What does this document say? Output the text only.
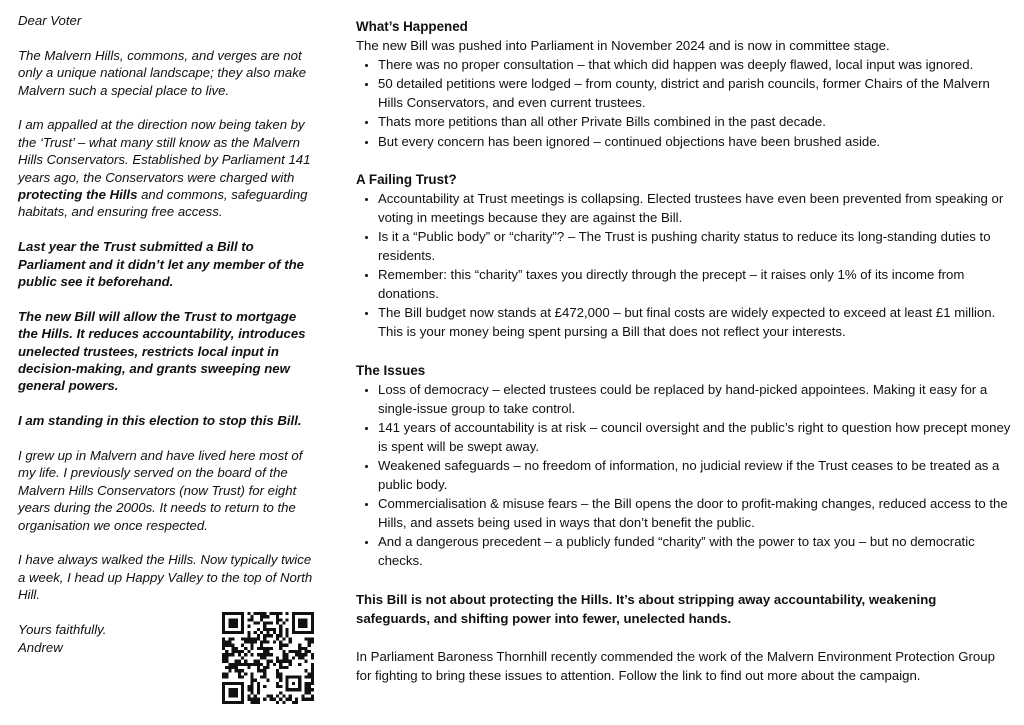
Dear Voter

The Malvern Hills, commons, and verges are not only a unique national landscape; they also make Malvern such a special place to live.

I am appalled at the direction now being taken by the ‘Trust’ – what many still know as the Malvern Hills Conservators. Established by Parliament 141 years ago, the Conservators were charged with protecting the Hills and commons, safeguarding habitats, and ensuring free access.

Last year the Trust submitted a Bill to Parliament and it didn’t let any member of the public see it beforehand.

The new Bill will allow the Trust to mortgage the Hills. It reduces accountability, introduces unelected trustees, restricts local input in decision-making, and grants sweeping new general powers.

I am standing in this election to stop this Bill.

I grew up in Malvern and have lived here most of my life. I previously served on the board of the Malvern Hills Conservators (now Trust) for eight years during the 2000s. It needs to return to the organisation we once respected.

I have always walked the Hills. Now typically twice a week, I head up Happy Valley to the top of North Hill.

Yours faithfully.

Andrew

What’s Happened

The new Bill was pushed into Parliament in November 2024 and is now in committee stage.

• There was no proper consultation – that which did happen was deeply flawed, local input was ignored.
• 50 detailed petitions were lodged – from county, district and parish councils, former Chairs of the Malvern Hills Conservators, and even current trustees.
• Thats more petitions than all other Private Bills combined in the past decade.
• But every concern has been ignored – continued objections have been brushed aside.
A Failing Trust?
• Accountability at Trust meetings is collapsing. Elected trustees have even been prevented from speaking or voting in meetings because they are against the Bill.
• Is it a “Public body” or “charity”? – The Trust is pushing charity status to reduce its long-standing duties to residents.
• Remember: this “charity” taxes you directly through the precept – it raises only 1% of its income from donations.
• The Bill budget now stands at £472,000 – but final costs are widely expected to exceed at least £1 million. This is your money being spent pursing a Bill that does not reflect your interests.
The Issues
• Loss of democracy – elected trustees could be replaced by hand-picked appointees. Making it easy for a single-issue group to take control.
• 141 years of accountability is at risk – council oversight and the public’s right to question how precept money is spent will be swept away.
• Weakened safeguards – no freedom of information, no judicial review if the Trust ceases to be treated as a public body.
• Commercialisation & misuse fears – the Bill opens the door to profit-making changes, reduced access to the Hills, and assets being used in ways that don’t benefit the public.
• And a dangerous precedent – a publicly funded “charity” with the power to tax you – but no democratic checks.

This Bill is not about protecting the Hills. It’s about stripping away accountability, weakening safeguards, and shifting power into fewer, unelected hands.

In Parliament Baroness Thornhill recently commended the work of the Malvern Environment Protection Group for fighting to bring these issues to attention. Follow the link to find out more about the campaign.
